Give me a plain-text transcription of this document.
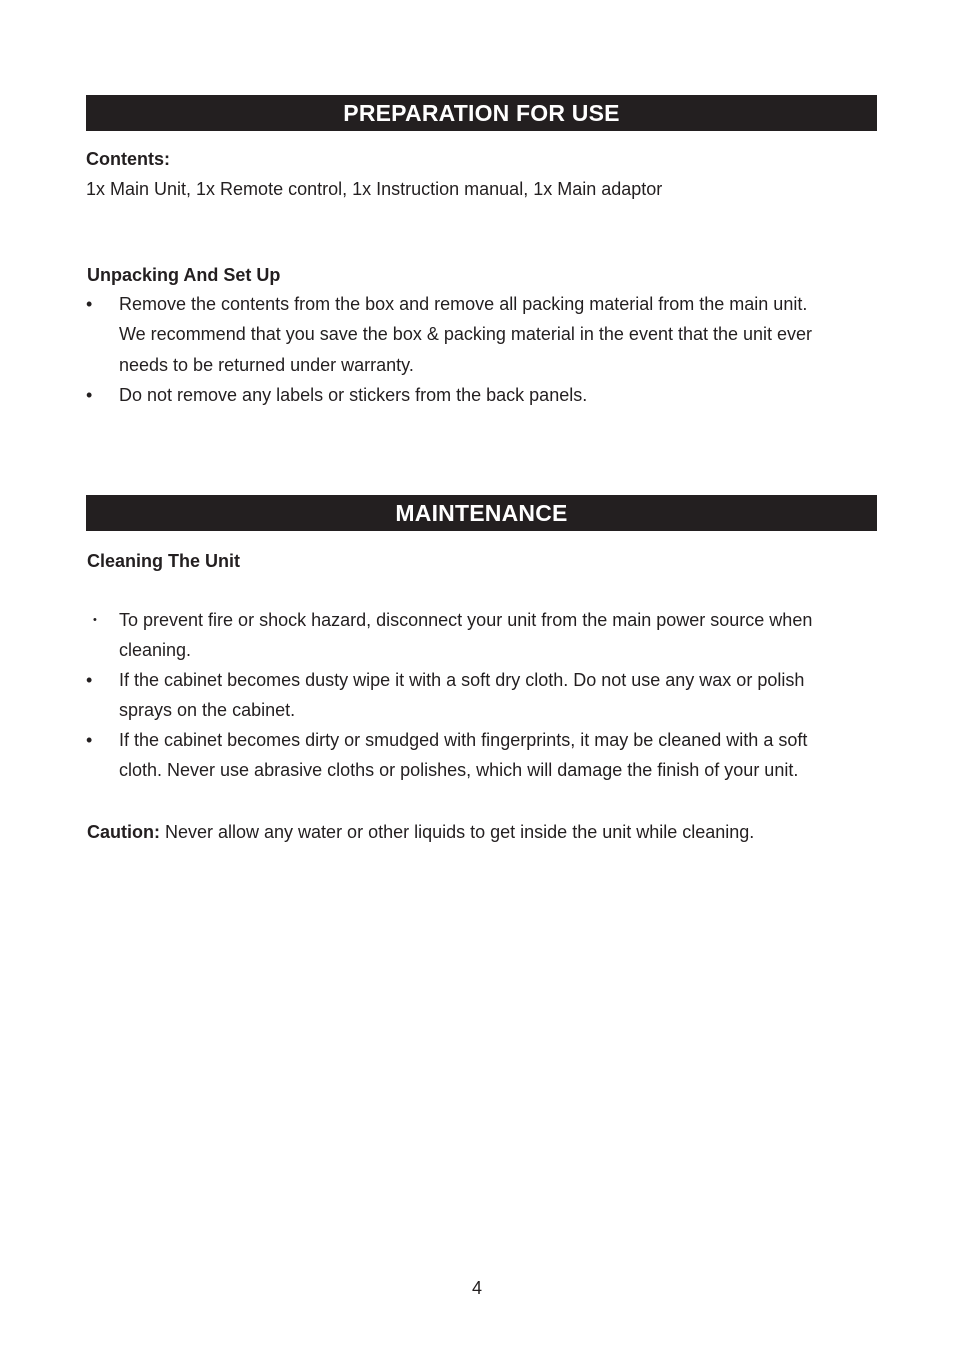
PREPARATION FOR USE
Contents:
1x Main Unit, 1x Remote control, 1x Instruction manual, 1x Main adaptor
Unpacking And Set Up
•	Remove the contents from the box and remove all packing material from the main unit.
We recommend that you save the box & packing material in the event that the unit ever
needs to be returned under warranty.
•	Do not remove any labels or stickers from the back panels.
MAINTENANCE
Cleaning The Unit
•	To prevent fire or shock hazard, disconnect your unit from the main power source when
cleaning.
•	If the cabinet becomes dusty wipe it with a soft dry cloth. Do not use any wax or polish
sprays on the cabinet.
•	If the cabinet becomes dirty or smudged with fingerprints, it may be cleaned with a soft
cloth. Never use abrasive cloths or polishes, which will damage the finish of your unit.
Caution: Never allow any water or other liquids to get inside the unit while cleaning.
4
